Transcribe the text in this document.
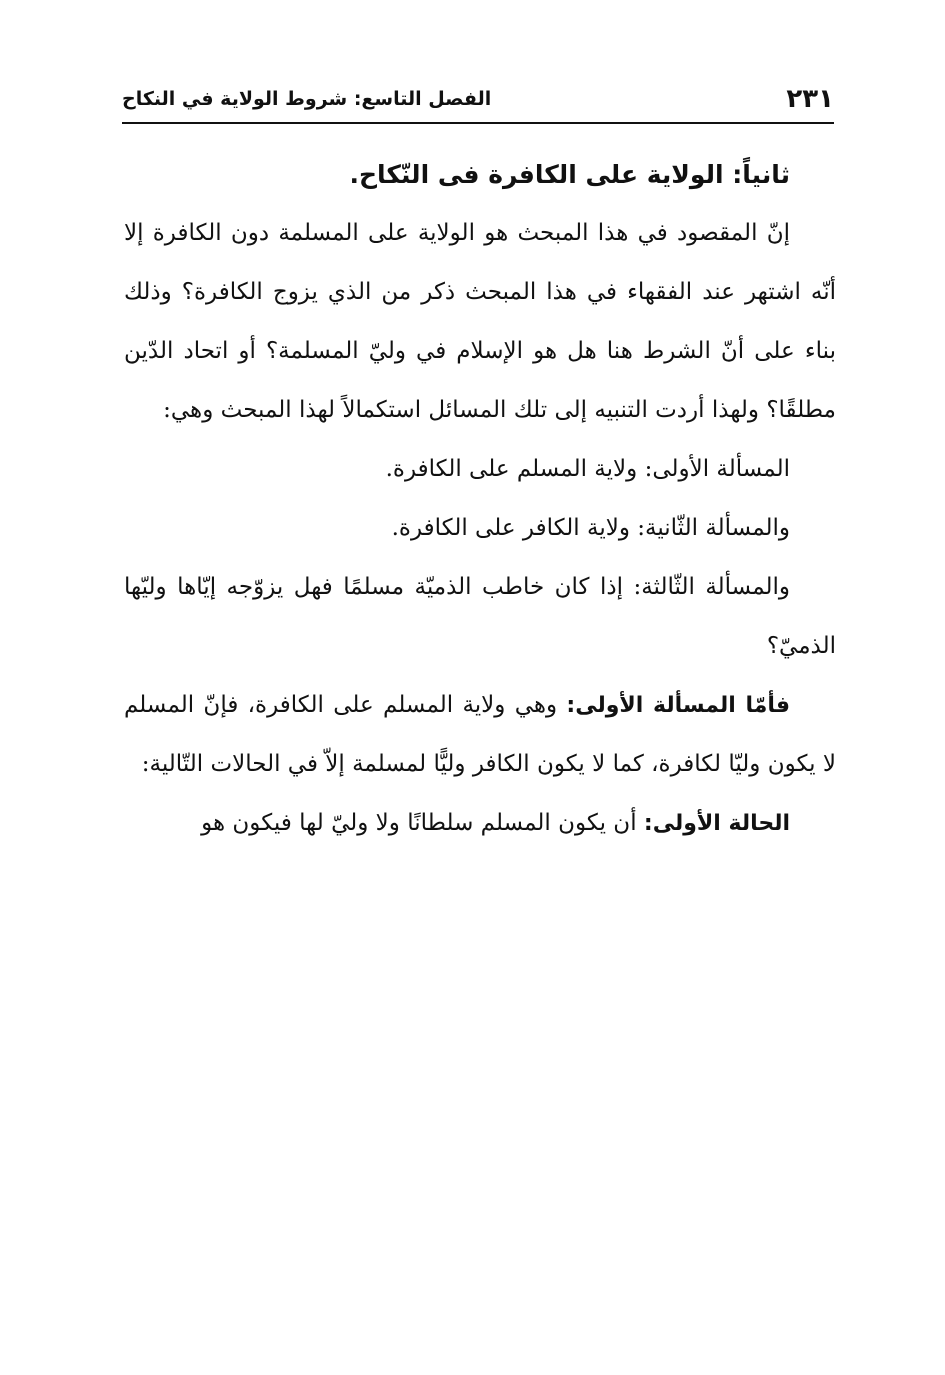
٢٣١
الفصل التاسع: شروط الولاية في النكاح

ثانياً: الولاية على الكافرة فى النّكاح.

إنّ المقصود في هذا المبحث هو الولاية على المسلمة دون الكافرة إلا أنّه اشتهر عند الفقهاء في هذا المبحث ذكر من الذي يزوج الكافرة؟ وذلك بناء على أنّ الشرط هنا هل هو الإسلام في وليّ المسلمة؟ أو اتحاد الدّين مطلقًا؟ ولهذا أردت التنبيه إلى تلك المسائل استكمالاً لهذا المبحث وهي:

المسألة الأولى: ولاية المسلم على الكافرة.

والمسألة الثّانية: ولاية الكافر على الكافرة.

والمسألة الثّالثة: إذا كان خاطب الذميّة مسلمًا فهل يزوّجه إيّاها وليّها الذميّ؟

فأمّا المسألة الأولى: وهي ولاية المسلم على الكافرة، فإنّ المسلم لا يكون وليّا لكافرة، كما لا يكون الكافر وليًّا لمسلمة إلاّ في الحالات التّالية:

الحالة الأولى: أن يكون المسلم سلطانًا ولا وليّ لها فيكون هو
